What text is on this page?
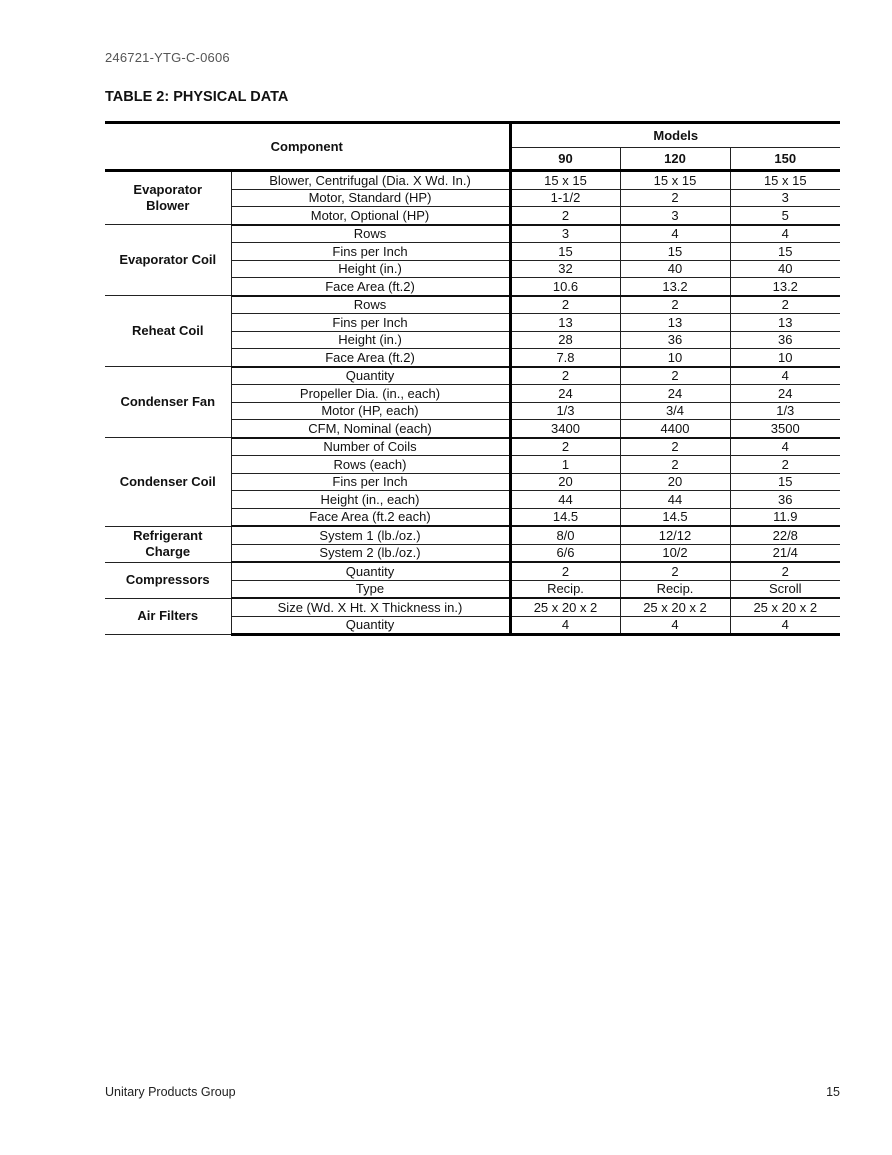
246721-YTG-C-0606
TABLE 2: PHYSICAL DATA
Component		Models		
		90	120	150
Evaporator
Blower	Blower, Centrifugal (Dia. X Wd. In.)	15 x 15	15 x 15	15 x 15
	Motor, Standard (HP)	1-1/2	2	3
	Motor, Optional (HP)	2	3	5
Evaporator Coil	Rows	3	4	4
	Fins per Inch	15	15	15
	Height (in.)	32	40	40
	Face Area (ft.2)	10.6	13.2	13.2
Reheat Coil	Rows	2	2	2
	Fins per Inch	13	13	13
	Height (in.)	28	36	36
	Face Area (ft.2)	7.8	10	10
Condenser Fan	Quantity	2	2	4
	Propeller Dia. (in., each)	24	24	24
	Motor (HP, each)	1/3	3/4	1/3
	CFM, Nominal (each)	3400	4400	3500
Condenser Coil	Number of Coils	2	2	4
	Rows (each)	1	2	2
	Fins per Inch	20	20	15
	Height (in., each)	44	44	36
	Face Area (ft.2 each)	14.5	14.5	11.9
Refrigerant
Charge	System 1 (lb./oz.)	8/0	12/12	22/8
	System 2 (lb./oz.)	6/6	10/2	21/4
Compressors	Quantity	2	2	2
	Type	Recip.	Recip.	Scroll
Air Filters	Size (Wd. X Ht. X Thickness in.)	25 x 20 x 2	25 x 20 x 2	25 x 20 x 2
	Quantity	4	4	4
Unitary Products Group	15
